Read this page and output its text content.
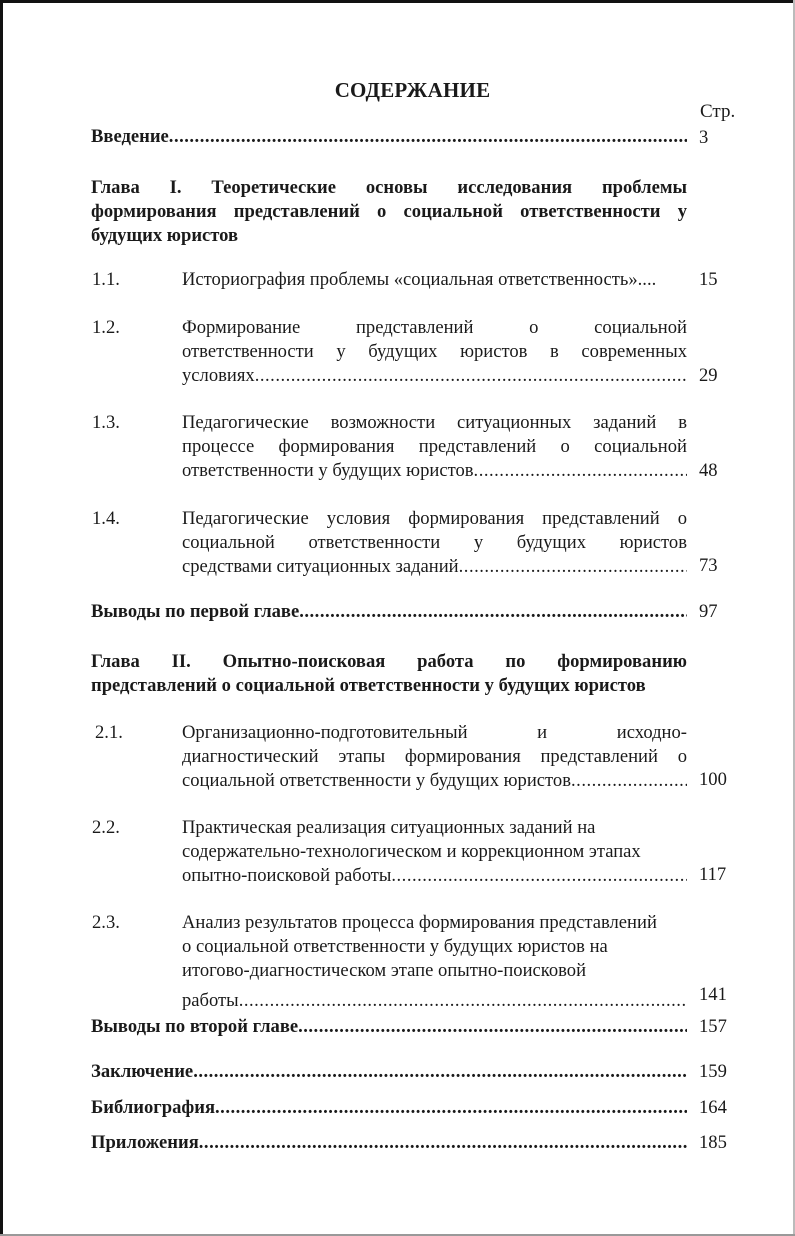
СОДЕРЖАНИЕ
Стр.
Введение .....	3
Глава I. Теоретические основы исследования проблемы
формирования представлений о социальной ответственности у
будущих юристов
1.1.	Историография проблемы «социальная ответственность»....	15
1.2.	Формирование представлений о социальной
ответственности у будущих юристов в современных
условиях .....	29
1.3.	Педагогические возможности ситуационных заданий в
процессе формирования представлений о социальной
ответственности у будущих юристов .....	48
1.4.	Педагогические условия формирования представлений о
социальной ответственности у будущих юристов
средствами ситуационных заданий .....	73
Выводы по первой главе .....	97
Глава II. Опытно-поисковая работа по формированию
представлений о социальной ответственности у будущих юристов
2.1.	Организационно-подготовительный и исходно-
диагностический этапы формирования представлений о
социальной ответственности у будущих юристов .....	100
2.2.	Практическая реализация ситуационных заданий на
содержательно-технологическом и коррекционном этапах
опытно-поисковой работы .....	117
2.3.	Анализ результатов процесса формирования представлений
о социальной ответственности у будущих юристов на
итогово-диагностическом этапе опытно-поисковой
работы .....	141
Выводы по второй главе .....	157
Заключение .....	159
Библиография .....	164
Приложения .....	185
